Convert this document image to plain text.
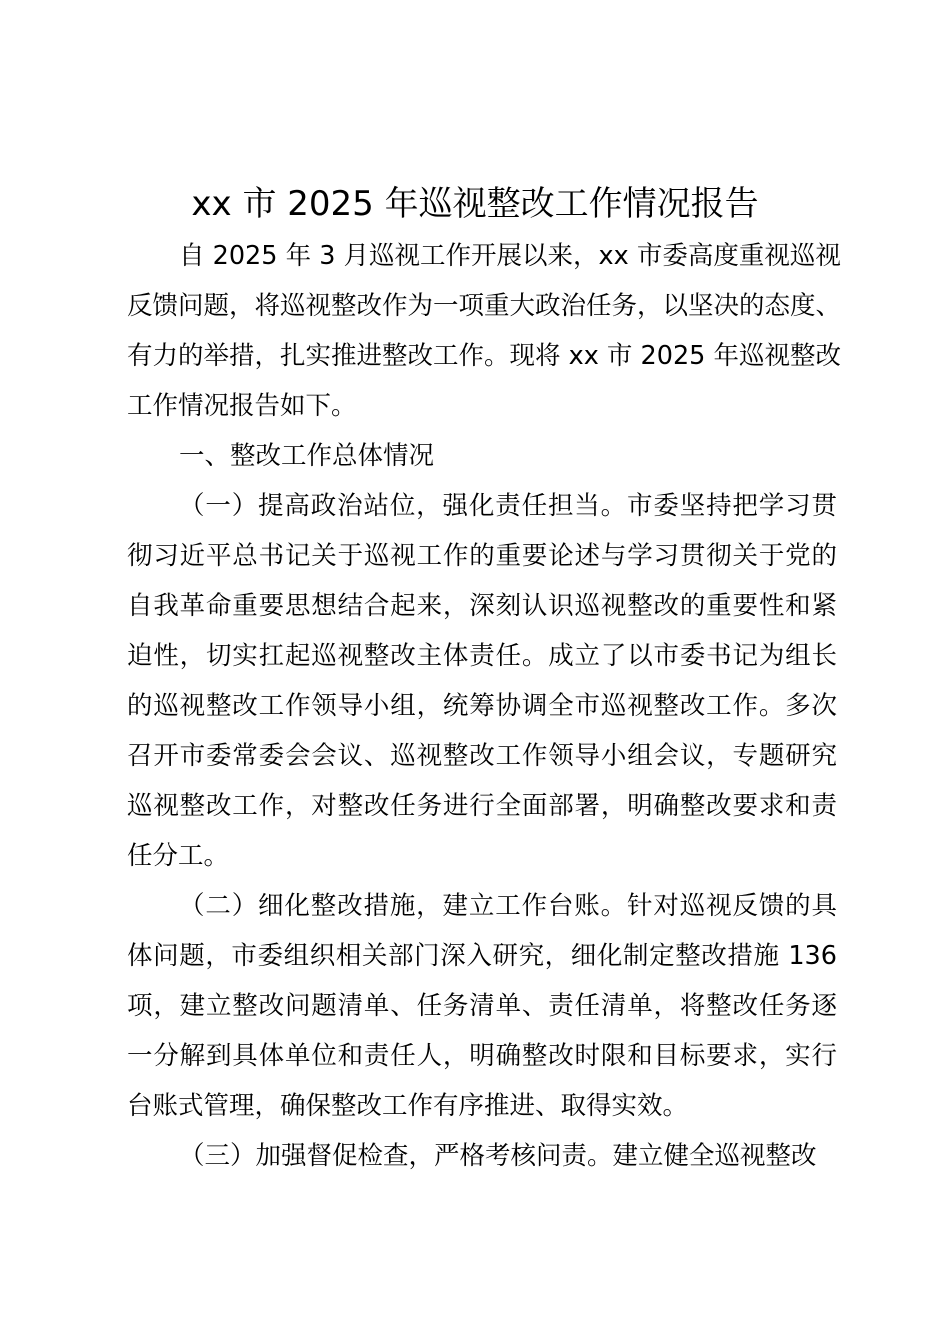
xx 市 2025 年巡视整改工作情况报告

自 2025 年 3 月巡视工作开展以来，xx 市委高度重视巡视
反馈问题，将巡视整改作为一项重大政治任务，以坚决的态度、
有力的举措，扎实推进整改工作。现将 xx 市 2025 年巡视整改
工作情况报告如下。

一、整改工作总体情况

（一）提高政治站位，强化责任担当。市委坚持把学习贯
彻习近平总书记关于巡视工作的重要论述与学习贯彻关于党的
自我革命重要思想结合起来，深刻认识巡视整改的重要性和紧
迫性，切实扛起巡视整改主体责任。成立了以市委书记为组长
的巡视整改工作领导小组，统筹协调全市巡视整改工作。多次
召开市委常委会会议、巡视整改工作领导小组会议，专题研究
巡视整改工作，对整改任务进行全面部署，明确整改要求和责
任分工。

（二）细化整改措施，建立工作台账。针对巡视反馈的具
体问题，市委组织相关部门深入研究，细化制定整改措施 136
项，建立整改问题清单、任务清单、责任清单，将整改任务逐
一分解到具体单位和责任人，明确整改时限和目标要求，实行
台账式管理，确保整改工作有序推进、取得实效。

（三）加强督促检查，严格考核问责。建立健全巡视整改
